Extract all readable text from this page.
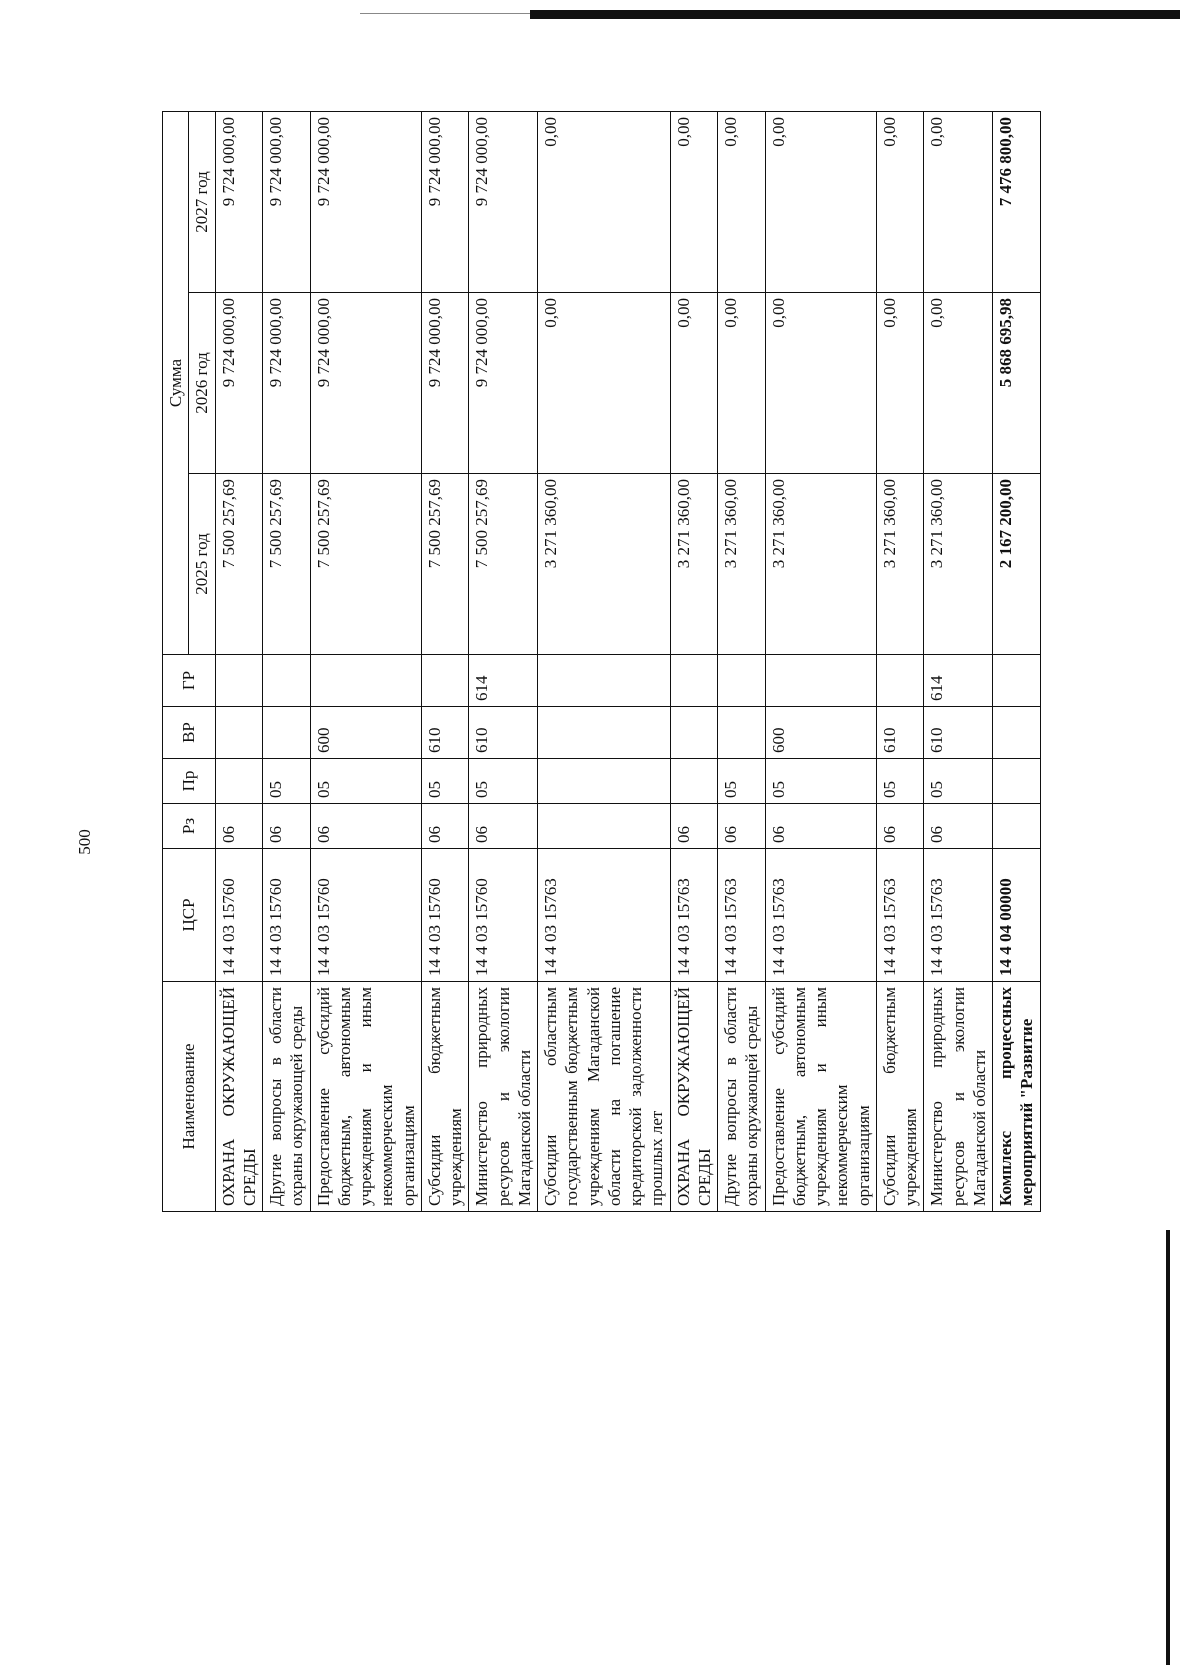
500
Наименование	ЦСР	Рз	Пр	ВР	ГР	Сумма		
						2025 год	2026 год	2027 год
ОХРАНА ОКРУЖАЮЩЕЙ СРЕДЫ	14 4 03 15760	06				7 500 257,69	9 724 000,00	9 724 000,00
Другие вопросы в области охраны окружающей среды	14 4 03 15760	06	05			7 500 257,69	9 724 000,00	9 724 000,00
Предоставление субсидий бюджетным, автономным учреждениям и иным некоммерческим организациям	14 4 03 15760	06	05	600		7 500 257,69	9 724 000,00	9 724 000,00
Субсидии бюджетным учреждениям	14 4 03 15760	06	05	610		7 500 257,69	9 724 000,00	9 724 000,00
Министерство природных ресурсов и экологии Магаданской области	14 4 03 15760	06	05	610	614	7 500 257,69	9 724 000,00	9 724 000,00
Субсидии областным государственным бюджетным учреждениям Магаданской области на погашение кредиторской задолженности прошлых лет	14 4 03 15763					3 271 360,00	0,00	0,00
ОХРАНА ОКРУЖАЮЩЕЙ СРЕДЫ	14 4 03 15763	06				3 271 360,00	0,00	0,00
Другие вопросы в области охраны окружающей среды	14 4 03 15763	06	05			3 271 360,00	0,00	0,00
Предоставление субсидий бюджетным, автономным учреждениям и иным некоммерческим организациям	14 4 03 15763	06	05	600		3 271 360,00	0,00	0,00
Субсидии бюджетным учреждениям	14 4 03 15763	06	05	610		3 271 360,00	0,00	0,00
Министерство природных ресурсов и экологии Магаданской области	14 4 03 15763	06	05	610	614	3 271 360,00	0,00	0,00
Комплекс процессных мероприятий "Развитие	14 4 04 00000					2 167 200,00	5 868 695,98	7 476 800,00
